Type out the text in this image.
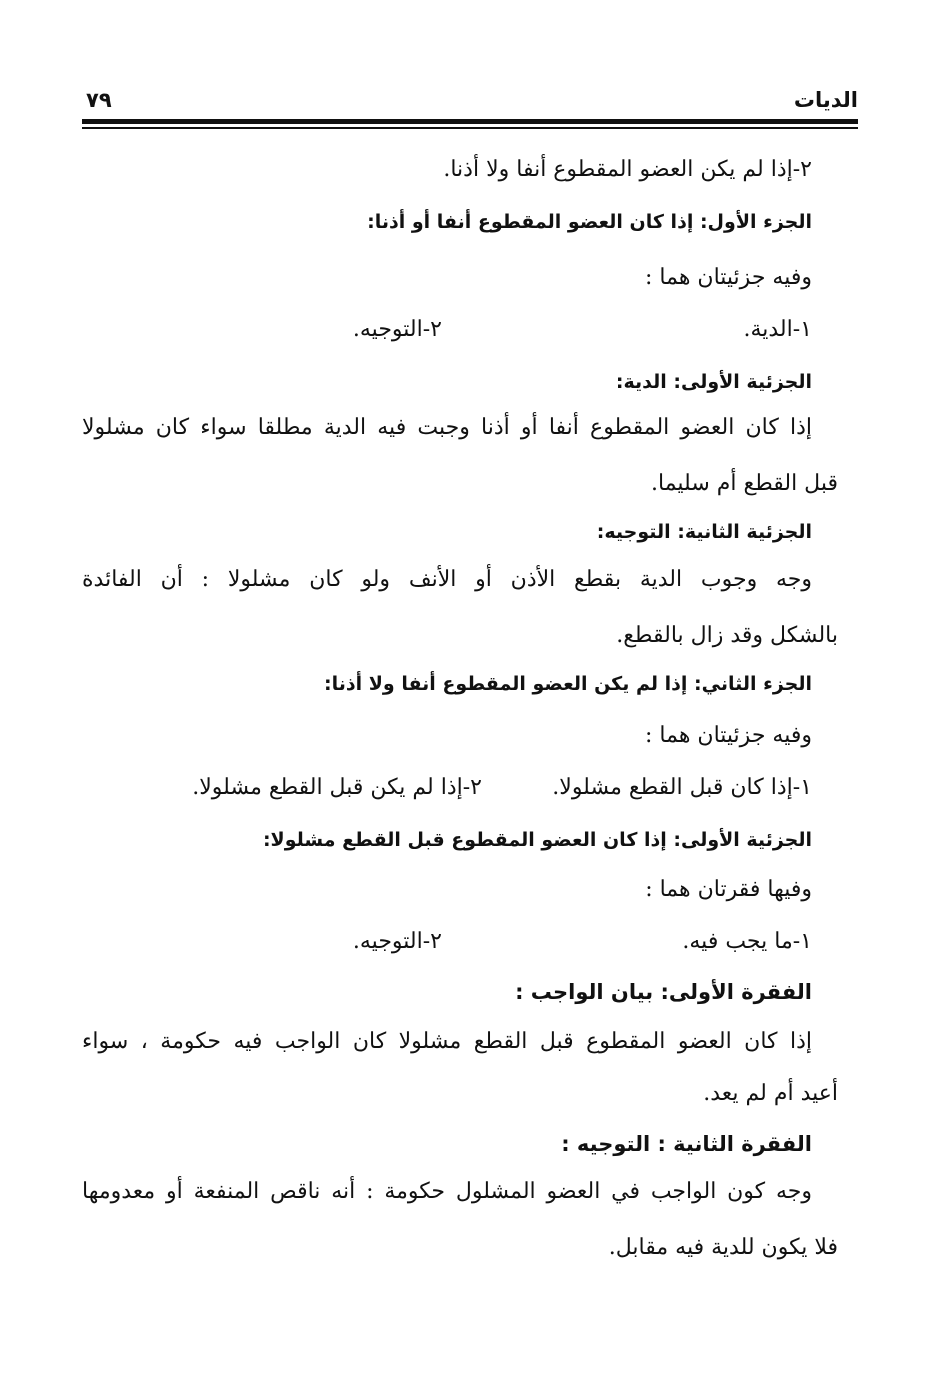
الديات
٧٩
٢-إذا لم يكن العضو المقطوع أنفا ولا أذنا.
الجزء الأول: إذا كان العضو المقطوع أنفا أو أذنا:
وفيه جزئيتان هما :
١-الدية.
٢-التوجيه.
الجزئية الأولى: الدية:
إذا كان العضو المقطوع أنفا أو أذنا وجبت فيه الدية مطلقا سواء كان مشلولا
قبل القطع أم سليما.
الجزئية الثانية: التوجيه:
وجه وجوب الدية بقطع الأذن أو الأنف ولو كان مشلولا : أن الفائدة
بالشكل وقد زال بالقطع.
الجزء الثاني: إذا لم يكن العضو المقطوع أنفا ولا أذنا:
وفيه جزئيتان هما :
١-إذا كان قبل القطع مشلولا.
٢-إذا لم يكن قبل القطع مشلولا.
الجزئية الأولى: إذا كان العضو المقطوع قبل القطع مشلولا:
وفيها فقرتان هما :
١-ما يجب فيه.
٢-التوجيه.
الفقرة الأولى: بيان الواجب :
إذا كان العضو المقطوع قبل القطع مشلولا كان الواجب فيه حكومة ، سواء
أعيد أم لم يعد.
الفقرة الثانية : التوجيه :
وجه كون الواجب في العضو المشلول حكومة : أنه ناقص المنفعة أو معدومها
فلا يكون للدية فيه مقابل.
